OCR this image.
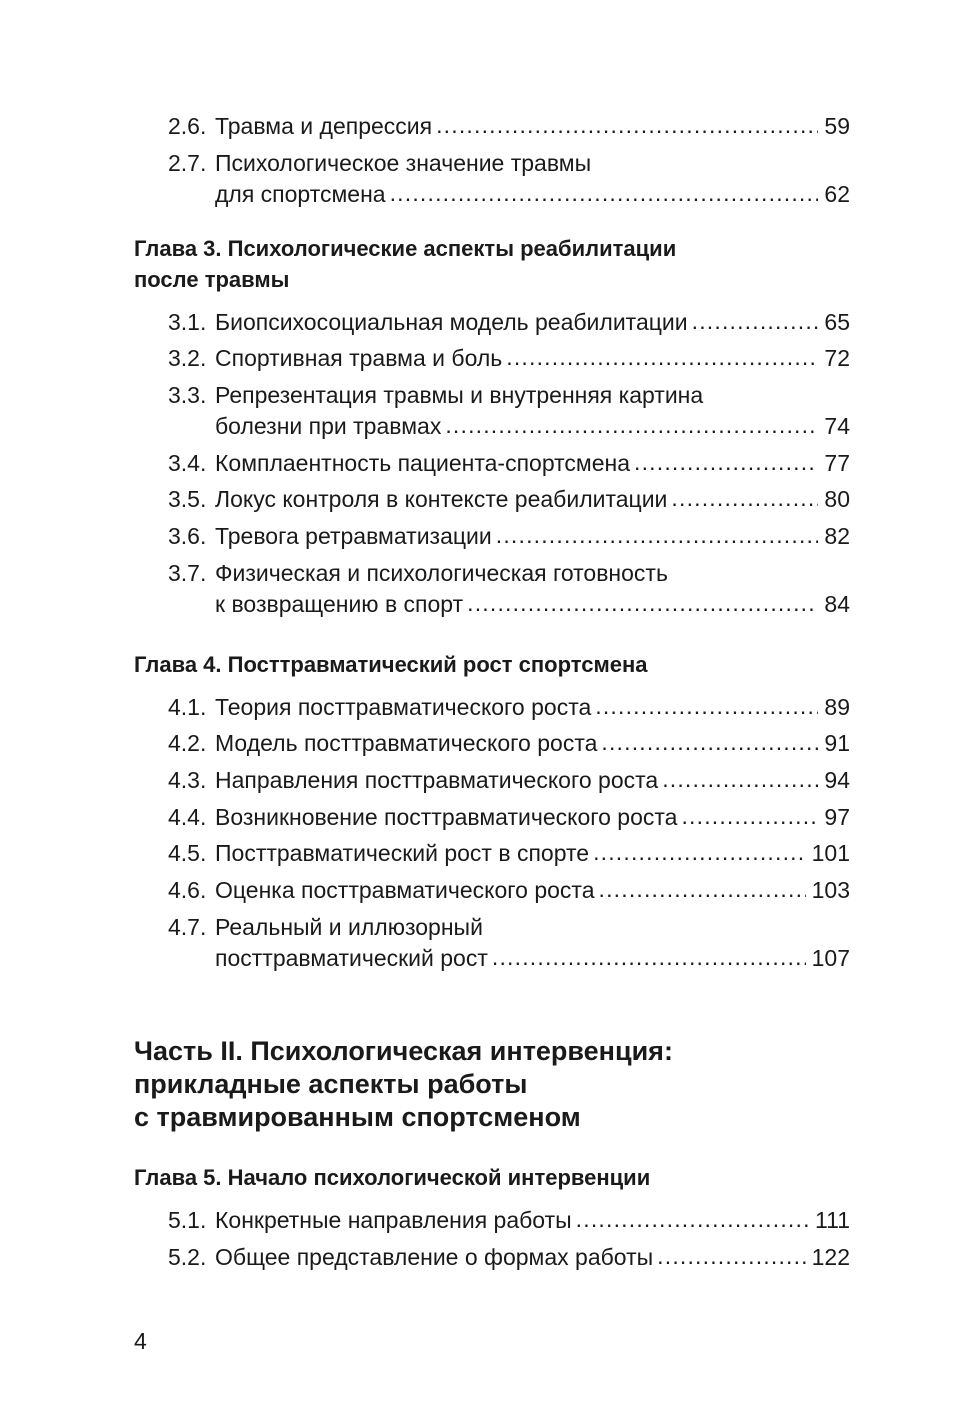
2.6. Травма и депрессия . . .	59
2.7. Психологическое значение травмы
для спортсмена . . .	62
Глава 3. Психологические аспекты реабилитации
после травмы
3.1. Биопсихосоциальная модель реабилитации . . .	65
3.2. Спортивная травма и боль . . .	72
3.3. Репрезентация травмы и внутренняя картина
болезни при травмах . . .	74
3.4. Комплаентность пациента-спортсмена . . .	77
3.5. Локус контроля в контексте реабилитации . . .	80
3.6. Тревога ретравматизации . . .	82
3.7. Физическая и психологическая готовность
к возвращению в спорт . . .	84
Глава 4. Посттравматический рост спортсмена
4.1. Теория посттравматического роста . . .	89
4.2. Модель посттравматического роста . . .	91
4.3. Направления посттравматического роста . . .	94
4.4. Возникновение посттравматического роста . . .	97
4.5. Посттравматический рост в спорте . . .	101
4.6. Оценка посттравматического роста . . .	103
4.7. Реальный и иллюзорный
посттравматический рост . . .	107
Часть II. Психологическая интервенция:
прикладные аспекты работы
с травмированным спортсменом
Глава 5. Начало психологической интервенции
5.1. Конкретные направления работы . . .	111
5.2. Общее представление о формах работы . . .	122
4
